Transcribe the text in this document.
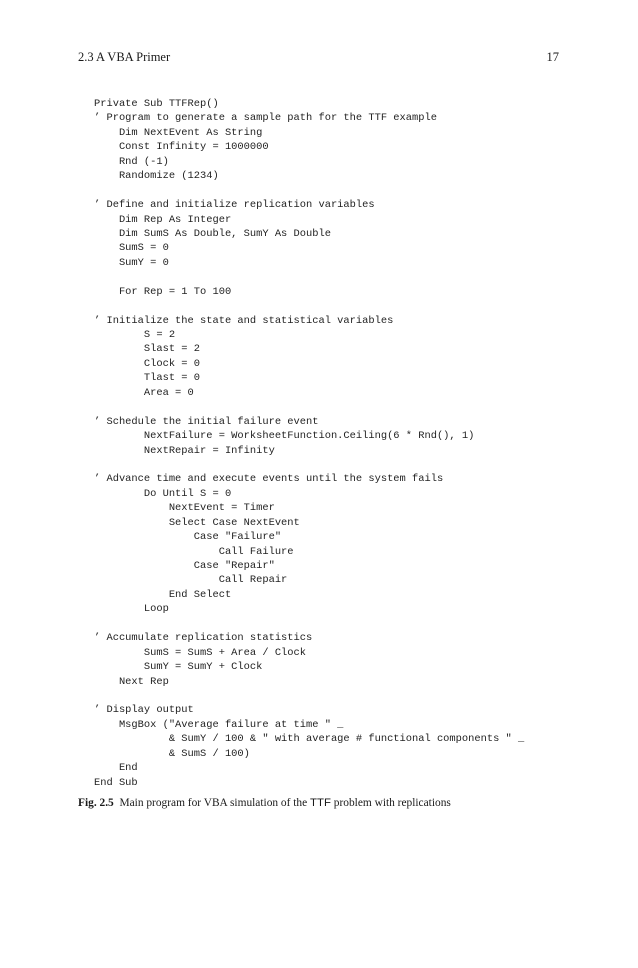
2.3 A VBA Primer	17
Private Sub TTFRep()
’ Program to generate a sample path for the TTF example
Dim NextEvent As String
Const Infinity = 1000000
Rnd (-1)
Randomize (1234)
’ Define and initialize replication variables
Dim Rep As Integer
Dim SumS As Double, SumY As Double
SumS = 0
SumY = 0
For Rep = 1 To 100
’ Initialize the state and statistical variables
S = 2
Slast = 2
Clock = 0
Tlast = 0
Area = 0
’ Schedule the initial failure event
NextFailure = WorksheetFunction.Ceiling(6 * Rnd(), 1)
NextRepair = Infinity
’ Advance time and execute events until the system fails
Do Until S = 0
NextEvent = Timer
Select Case NextEvent
Case "Failure"
Call Failure
Case "Repair"
Call Repair
End Select
Loop
’ Accumulate replication statistics
SumS = SumS + Area / Clock
SumY = SumY + Clock
Next Rep
’ Display output
MsgBox ("Average failure at time " _
& SumY / 100 & " with average # functional components " _
& SumS / 100)
End
End Sub
Fig. 2.5 Main program for VBA simulation of the TTF problem with replications
